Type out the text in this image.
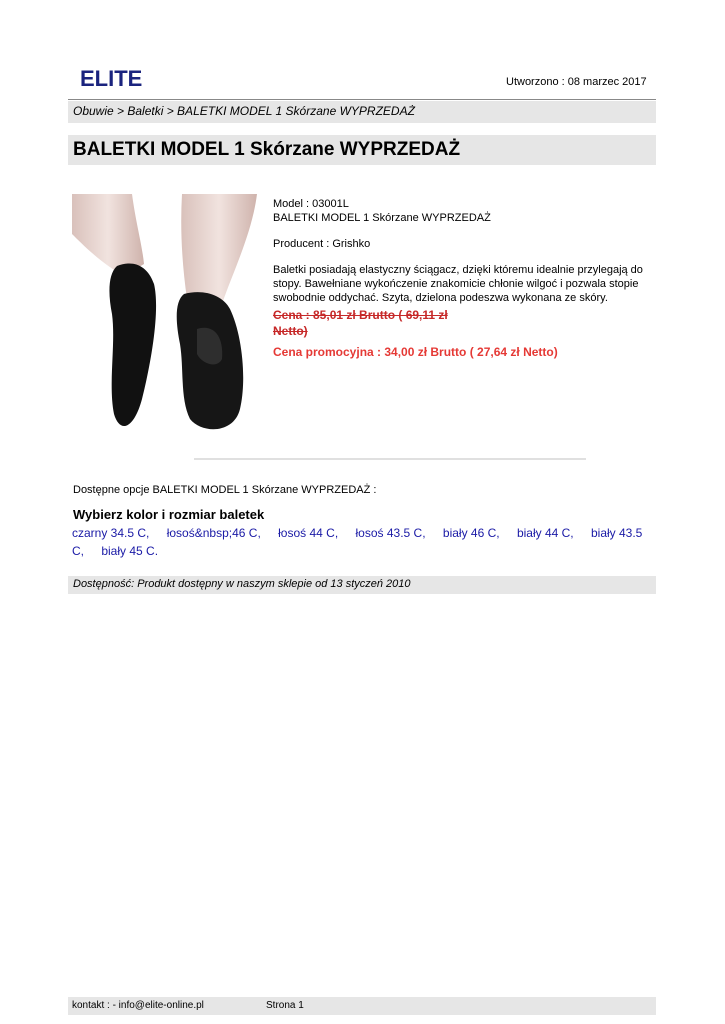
ELITE	Utworzono : 08 marzec 2017
Obuwie > Baletki > BALETKI MODEL 1 Skórzane WYPRZEDAŻ
BALETKI MODEL 1 Skórzane WYPRZEDAŻ

Model : 03001L

BALETKI MODEL 1 Skórzane WYPRZEDAŻ

Producent : Grishko

Baletki posiadają elastyczny ściągacz, dzięki któremu idealnie przylegają do stopy. Bawełniane wykończenie znakomicie chłonie wilgoć i pozwala stopie swobodnie oddychać. Szyta, dzielona podeszwa wykonana ze skóry.

Cena : 85,01 zł Brutto ( 69,11 zł
Netto)

Cena promocyjna : 34,00 zł Brutto ( 27,64 zł Netto)

Dostępne opcje BALETKI MODEL 1 Skórzane WYPRZEDAŻ :
Wybierz kolor i rozmiar baletek
czarny 34.5 C, łosoś&nbsp;46 C, łosoś 44 C, łosoś 43.5 C, biały 46 C, biały 44 C, biały 43.5 C, biały 45 C.
Dostępność: Produkt dostępny w naszym sklepie od 13 styczeń 2010
kontakt : - info@elite-online.pl	Strona 1
